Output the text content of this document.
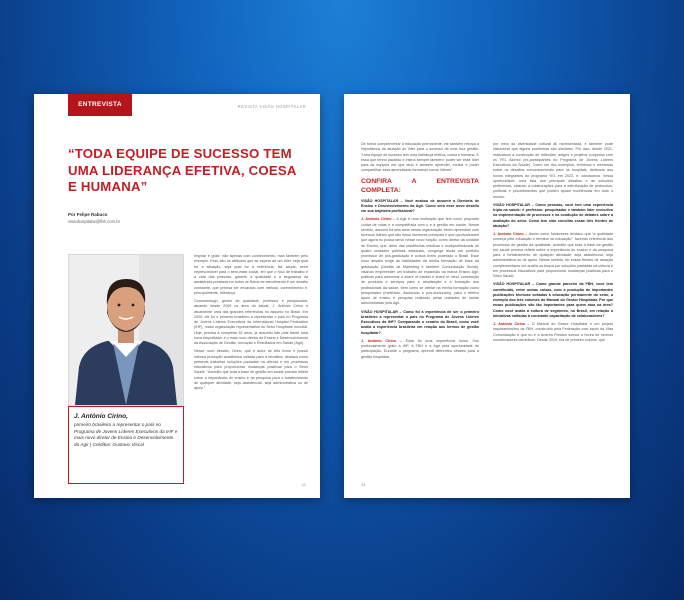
ENTREVISTA	REVISTA VISÃO HOSPITALAR
“TODA EQUIPE DE SUCESSO TEM UMA LIDERANÇA EFETIVA, COESA E HUMANA”
Por Felipe Rabuco
visaohospitalar@fbh.com.br
J. Antônio Cirino,
primeiro brasileiro a representar o país no Programa de Jovens Líderes Executivos da IHF e mais novo diretor de Ensino e Desenvolvimento do Agir | Créditos: Gustavo Viscal

Inspirar e guiar, não apenas com conhecimento, mas também pelo exemplo. Esse são os atributos que se espera de um líder, seja qual for a situação, seja qual for a referência. Na saúde, setor imprescindível para o bem-estar social, em que o foco de trabalho é a vida das pessoas, garantir a qualidade e a segurança da assistência prestada em todos os fluxos de atendimento é um desafio constante, que precisa ser encarado com método, conhecimento e, principalmente, liderança.

Comunicólogo, gestor de qualidade, professor e pesquisador, atuando desde 2009 na área da saúde, J. Antônio Cirino é atualmente uma das grandes referências no assunto no Brasil. Em 2020, ele foi o primeiro brasileiro a representar o país no Programa de Jovens Líderes Executivos da International Hospital Federation (IHF), maior organização representativa do Setor Hospitalar mundial. Hoje, precisa a completar 51 anos, já assumiu late pela frente uma nova empreitada: é o mais novo diretor de Ensino e Desenvolvimento da Associação de Gestão, Inovação e Resultados em Saúde (Agir).

Nesse novo desafio, Cirino, que é autor de três livros e possui intensa produção acadêmica voltada para a temática, destaca como pretende trabalhar soluções pautadas na ciência e em processos educativos para proporcionar mudanças positivas para o Setor Saúde. “Acredito que toda a base de gestão em saúde precisa refletir sobre a importância do ensino e da pesquisa para o fortalecimento de qualquer atividade, seja assistencial, seja administrativa ou de apoio.”

31

De forma complementar à educação permanente, ele também reforça a importância da atuação do líder para o sucesso de uma boa gestão. “Uma equipe de sucesso tem uma liderança efetiva, coesa e humana. E essa que tenho pautado e instrui sempre também: poder ser esse líder para as equipes em que atuo e também aprender, evoluir e poder compartilhar essa aprendizado formando novos líderes”.

CONFIRA A ENTREVISTA COMPLETA:

VISÃO HOSPITALAR – Você acabou de assumir a Diretoria de Ensino e Desenvolvimento da Agir. Como será esse novo desafio em sua trajetória profissional?

J. Antônio Cirino – A Agir é uma instituição que tem como propósito cuidar de vidas e a competência com o e a gestão em saúde. Nesse sentido, assumir há seis anos nessa organização, tenho aprendido com diversos líderes que são meus mentores principais e que oportunizaram que agora eu possa servir nesse novo função, como diretor da unidade de Ensino, que, além das residências médicas e multiprofissionais de quatro unidades públicas estaduais, congrega ainda um portfólio promissor de pós-graduação e cursos livres poderado o Brasil. Esse novo desafio exige as habilidades da minha formação de base da graduação (Gestão de Marketing e também Comunicação Social), visando empreender um trabalho de expansão da marca Ensino Agir, práticas para aumentar o share of market e share of mind, construção de produtos e serviços para a atualização e a formação dos profissionais da saúde, bem como se atrelar na minha formação como pesquisador (mestrado, doutorado e pós-doutorado), para o efetivo apoio de ensino e pesquisa realizado pelas unidades de saúde administradas pela Agir.

VISÃO HOSPITALAR – Como foi a experiência de ser o primeiro brasileiro a representar o país no Programa de Jovens Líderes Executivos da IHF? Comparando o cenário do Brasil, como você avalia a experiência brasileira em relação aos termos de gestão hospitalar?

J. Antônio Cirino – Essa foi uma experiência única. Sou profundamente grato à IHF, à FBH e à Agir pela oportunidade de participação. Durante o programa, aprendi diferentes olhares para a gestão hospitalar,

por meio da diversidade cultural ali representada, e também pude vislumbrar que alguns problemas são similares. Por isso, desde 2021, realizamos a construção de reflexões, artigos e projetos conjuntos com os YEL Alumni (ex-participantes do Programa de Jovens Líderes Executivos da Saúde). Como um dos exemplos, tenhimos o mentorias sobre os desafios comunicacionais para os hospitais, dedicada aos novos integrantes do programa YEL em 2022, e, conosumos, nessa oportunidade, uma lista dos principais desafios e as soluções pertinentes, visando a colaborações para a estruturação de protocolos, políticas e procedimentos que podem ajudar excelências em todo o mundo.

VISÃO HOSPITALAR – Como pessoas, você tem uma experiência tripla na saúde: é professor, pesquisador e também líder executivo na implementação de processos e na condução de debates sobre a avaliação do setor. Como tem sido conciliar essas três frentes de atuação?

J. Antônio Cirino – Assim como folclorezes destaco que “a qualidade começa pela educação e termina na educação”, fazendo referência aos processos de gestão da qualidade, acredito que toda a base da gestão em saúde precisa refletir sobre a importância do ensino e da pesquisa para o fortalecimento de qualquer atividade, seja assistencial, seja administrativa ou de apoio. Nesse sentido, ter essas frentes de atuação complementares me auxilia na busca por soluções pautadas na ciência e em processos educativos para proporcionar mudanças positivas para o Setor Saúde.

VISÃO HOSPITALAR – Como grande parceiro da FBH, você tem contribuído, entre outras coisas, com a produção de importantes publicações técnicas voltadas à educação permanente do setor, a exemplo dos três volumes do Manual do Gestor Hospitalar. Por que essas publicações são tão importantes para quem atua na área? Como você avalia a cultura de segmento, no Brasil, em relação a iniciativas voltadas à constante capacitação de colaboradores?

J. Antônio Cirino – O Manual do Gestor Hospitalar é um projeto importantíssimo da FBH, construído pela Federação com apoio da Vitra Comunicação e que eu e a Andrea Preston somos a honra de sermos coordenadores científicos. Desde 2019, era de primeiro volume, que

34
